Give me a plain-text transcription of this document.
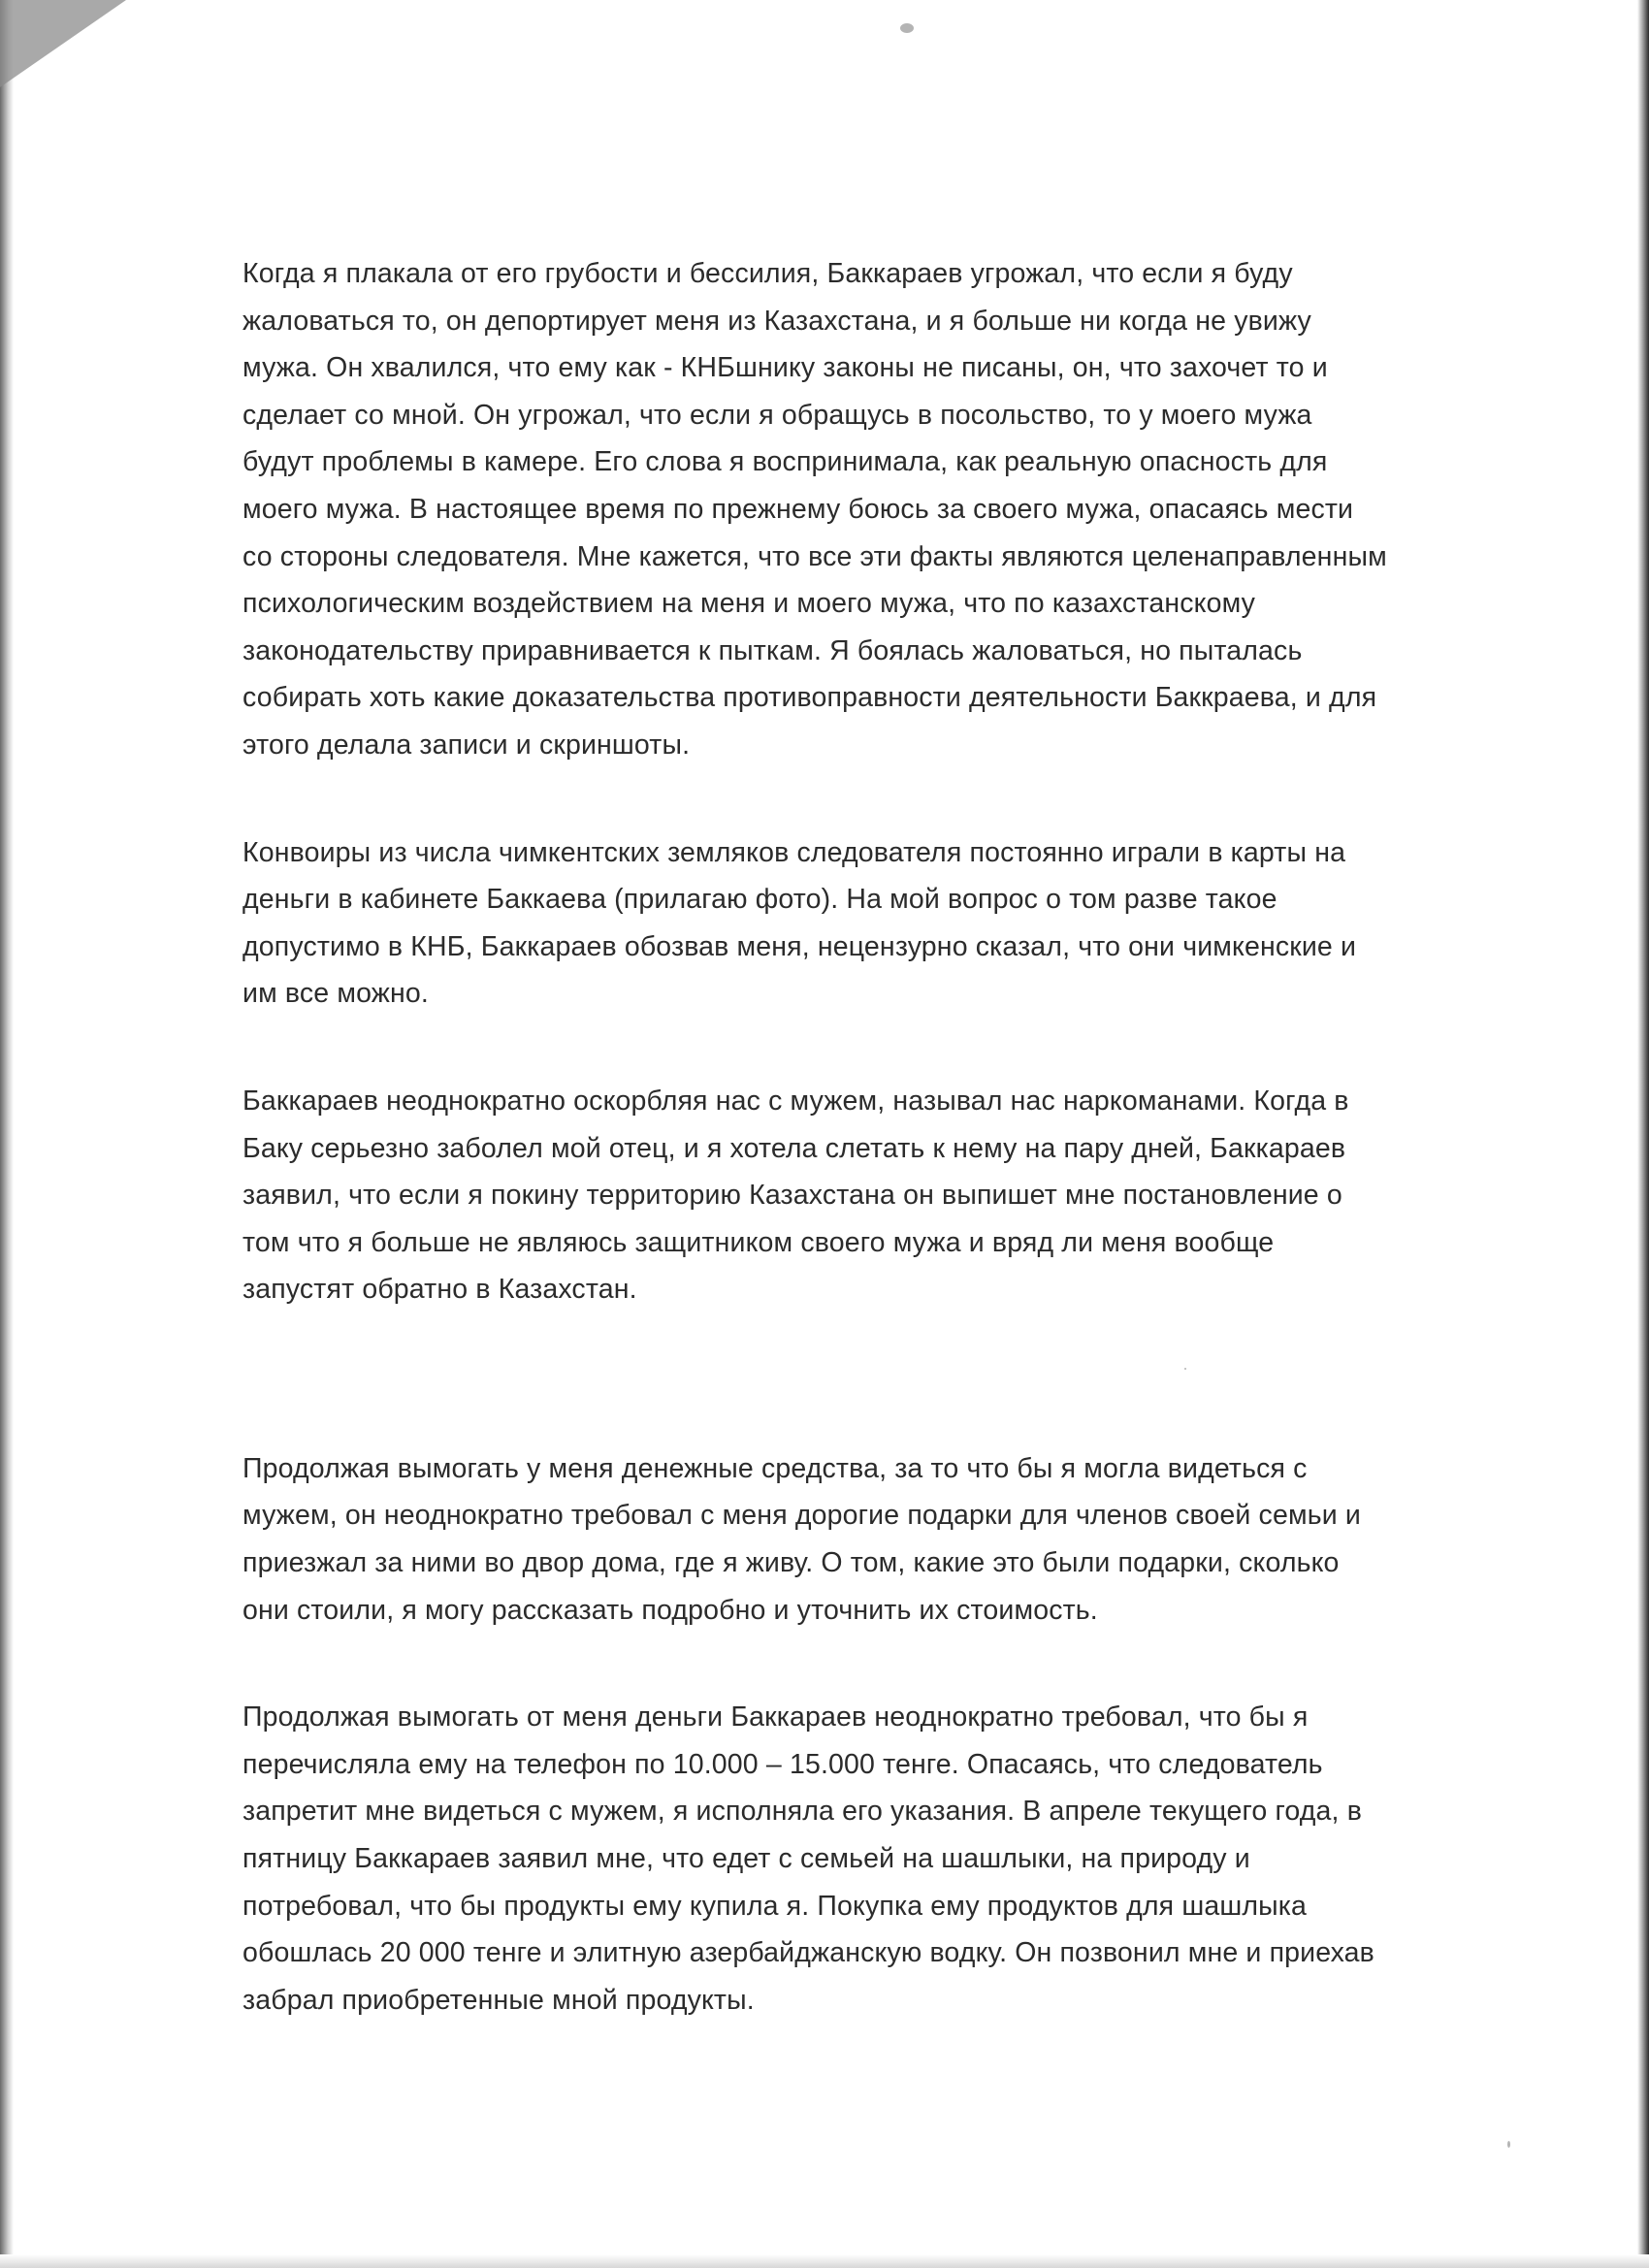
Когда я плакала от его грубости и бессилия, Баккараев угрожал, что если я буду жаловаться то, он депортирует меня из Казахстана, и я больше ни когда не увижу мужа. Он хвалился, что ему как - КНБшнику законы не писаны, он, что захочет то и сделает со мной. Он угрожал, что если я обращусь в посольство, то у моего мужа будут проблемы в камере. Его слова я воспринимала, как реальную опасность для моего мужа. В настоящее время по прежнему боюсь за своего мужа, опасаясь мести со стороны следователя. Мне кажется, что все эти факты являются целенаправленным психологическим воздействием на меня и моего мужа, что по казахстанскому законодательству приравнивается к пыткам. Я боялась жаловаться, но пыталась собирать хоть какие доказательства противоправности деятельности Баккраева, и для этого делала записи и скриншоты.

Конвоиры из числа чимкентских земляков следователя постоянно играли в карты на деньги в кабинете Баккаева (прилагаю фото). На мой вопрос о том разве такое допустимо в КНБ, Баккараев обозвав меня, нецензурно сказал, что они чимкенские и им все можно.

Баккараев неоднократно оскорбляя нас с мужем, называл нас наркоманами. Когда в Баку серьезно заболел мой отец, и я хотела слетать к нему на пару дней, Баккараев заявил, что если я покину территорию Казахстана он выпишет мне постановление о том что я больше не являюсь защитником своего мужа и вряд ли меня вообще запустят обратно в Казахстан.

Продолжая вымогать у меня денежные средства, за то что бы я могла видеться с мужем, он неоднократно требовал с меня дорогие подарки для членов своей семьи и приезжал за ними во двор дома, где я живу. О том, какие это были подарки, сколько они стоили, я могу рассказать подробно и уточнить их стоимость.

Продолжая вымогать от меня деньги Баккараев неоднократно требовал, что бы я перечисляла ему на телефон по 10.000 – 15.000 тенге. Опасаясь, что следователь запретит мне видеться с мужем, я исполняла его указания. В апреле текущего года, в пятницу Баккараев заявил мне, что едет с семьей на шашлыки, на природу и потребовал, что бы продукты ему купила я. Покупка ему продуктов для шашлыка обошлась 20 000 тенге и элитную азербайджанскую водку. Он позвонил мне и приехав забрал приобретенные мной продукты.
